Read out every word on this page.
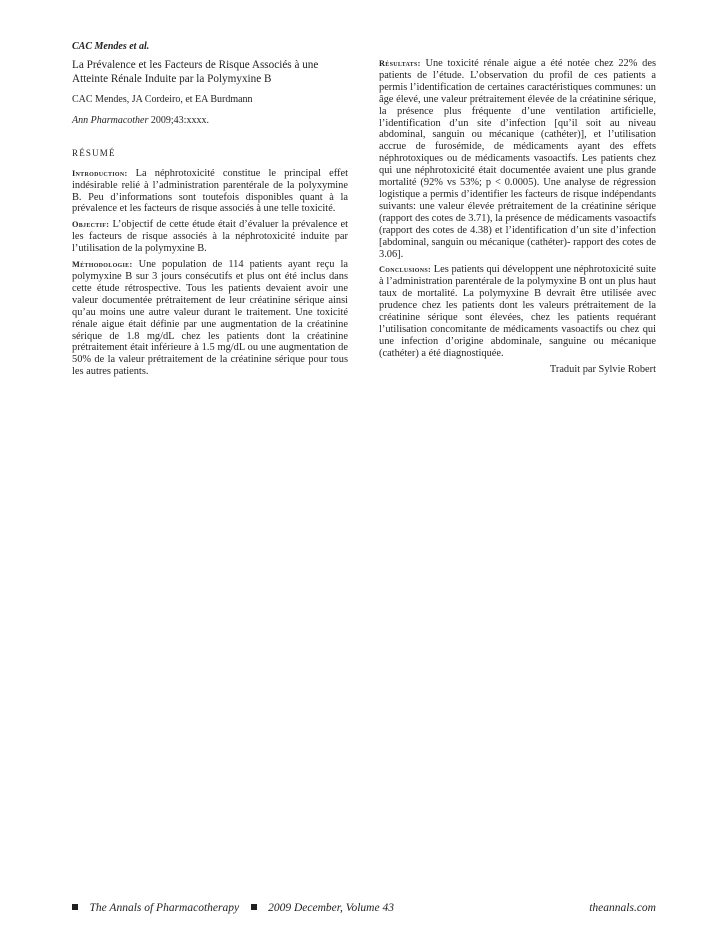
CAC Mendes et al.

La Prévalence et les Facteurs de Risque Associés à une Atteinte Rénale Induite par la Polymyxine B

CAC Mendes, JA Cordeiro, et EA Burdmann

Ann Pharmacother 2009;43:xxxx.

RÉSUMÉ

Introduction: La néphrotoxicité constitue le principal effet indésirable relié à l’administration parentérale de la polyxymine B. Peu d’informations sont toutefois disponibles quant à la prévalence et les facteurs de risque associés à une telle toxicité.

Objectif: L’objectif de cette étude était d’évaluer la prévalence et les facteurs de risque associés à la néphrotoxicité induite par l’utilisation de la polymyxine B.

Méthodologie: Une population de 114 patients ayant reçu la polymyxine B sur 3 jours consécutifs et plus ont été inclus dans cette étude rétrospective. Tous les patients devaient avoir une valeur documentée prétraitement de leur créatinine sérique ainsi qu’au moins une autre valeur durant le traitement. Une toxicité rénale aigue était définie par une augmentation de la créatinine sérique de 1.8 mg/dL chez les patients dont la créatinine prétraitement était inférieure à 1.5 mg/dL ou une augmentation de 50% de la valeur prétraitement de la créatinine sérique pour tous les autres patients.

Résultats: Une toxicité rénale aigue a été notée chez 22% des patients de l’étude. L’observation du profil de ces patients a permis l’identification de certaines caractéristiques communes: un âge élevé, une valeur prétraitement élevée de la créatinine sérique, la présence plus fréquente d’une ventilation artificielle, l’identification d’un site d’infection [qu’il soit au niveau abdominal, sanguin ou mécanique (cathéter)], et l’utilisation accrue de furosémide, de médicaments ayant des effets néphrotoxiques ou de médicaments vasoactifs. Les patients chez qui une néphrotoxicité était documentée avaient une plus grande mortalité (92% vs 53%; p < 0.0005). Une analyse de régression logistique a permis d’identifier les facteurs de risque indépendants suivants: une valeur élevée prétraitement de la créatinine sérique (rapport des cotes de 3.71), la présence de médicaments vasoactifs (rapport des cotes de 4.38) et l’identification d’un site d’infection [abdominal, sanguin ou mécanique (cathéter)- rapport des cotes de 3.06].

Conclusions: Les patients qui développent une néphrotoxicité suite à l’administration parentérale de la polymyxine B ont un plus haut taux de mortalité. La polymyxine B devrait être utilisée avec prudence chez les patients dont les valeurs prétraitement de la créatinine sérique sont élevées, chez les patients requérant l’utilisation concomitante de médicaments vasoactifs ou chez qui une infection d’origine abdominale, sanguine ou mécanique (cathéter) a été diagnostiquée.

Traduit par Sylvie Robert

The Annals of Pharmacotherapy	2009 December, Volume 43	theannals.com
